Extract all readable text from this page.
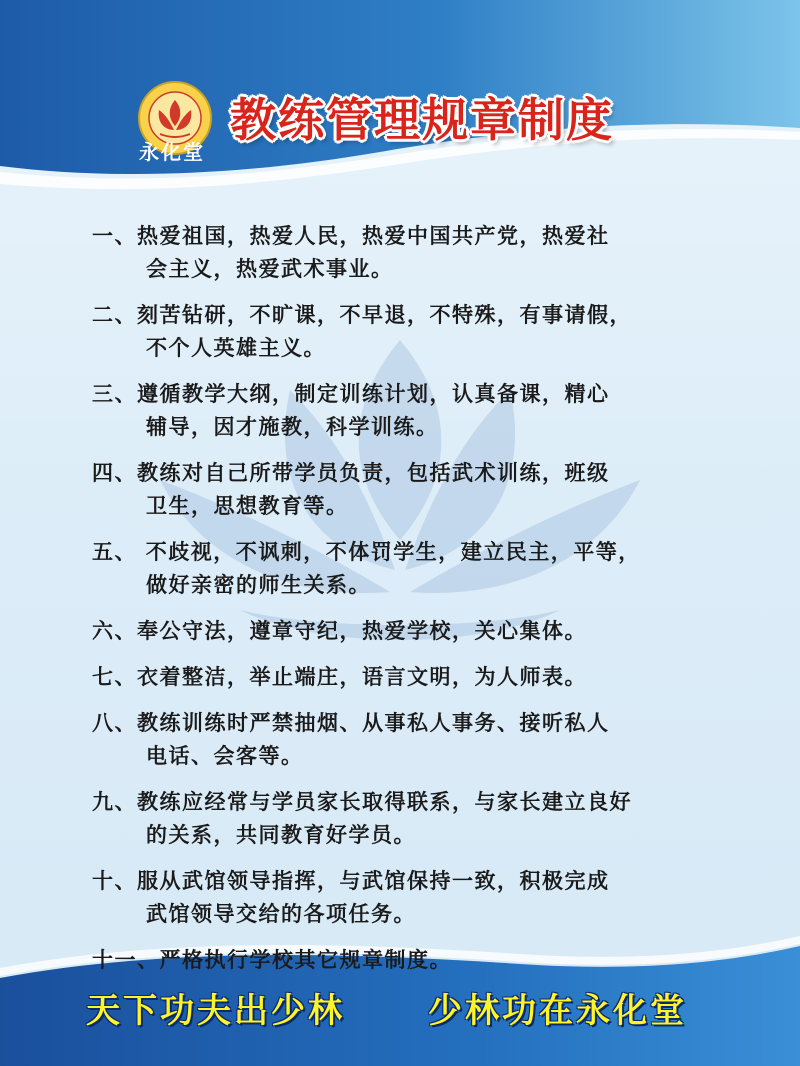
永化堂
教练管理规章制度
一、热爱祖国，热爱人民，热爱中国共产党，热爱社
会主义，热爱武术事业。
二、刻苦钻研，不旷课，不早退，不特殊，有事请假，
不个人英雄主义。
三、遵循教学大纲，制定训练计划，认真备课，精心
辅导，因才施教，科学训练。
四、教练对自己所带学员负责，包括武术训练，班级
卫生，思想教育等。
五、 不歧视，不讽刺，不体罚学生，建立民主，平等，
做好亲密的师生关系。
六、奉公守法，遵章守纪，热爱学校，关心集体。
七、衣着整洁，举止端庄，语言文明，为人师表。
八、教练训练时严禁抽烟、从事私人事务、接听私人
电话、会客等。
九、教练应经常与学员家长取得联系，与家长建立良好
的关系，共同教育好学员。
十、服从武馆领导指挥，与武馆保持一致，积极完成
武馆领导交给的各项任务。
十一、严格执行学校其它规章制度。
天下功夫出少林 少林功在永化堂
